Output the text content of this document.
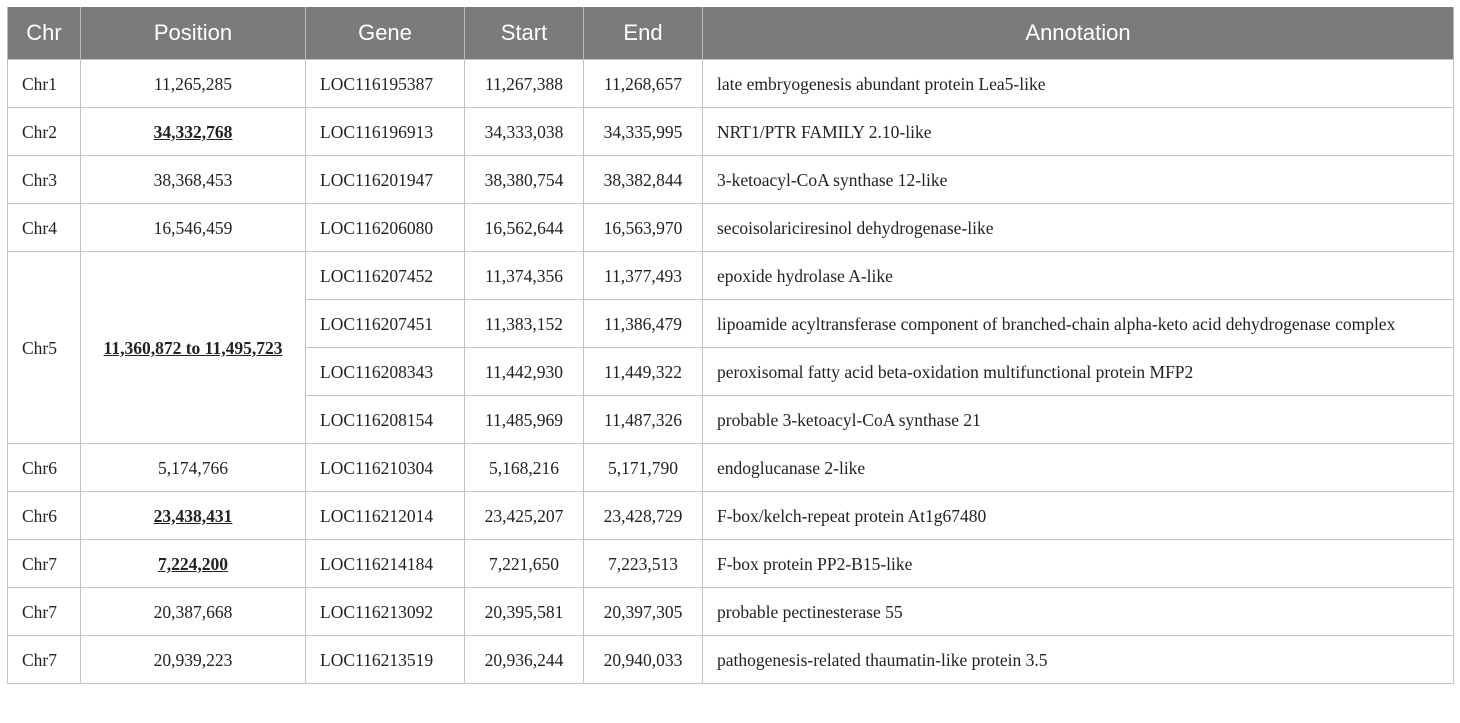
Chr	Position	Gene	Start	End	Annotation
Chr1	11,265,285	LOC116195387	11,267,388	11,268,657	late embryogenesis abundant protein Lea5-like
Chr2	34,332,768	LOC116196913	34,333,038	34,335,995	NRT1/PTR FAMILY 2.10-like
Chr3	38,368,453	LOC116201947	38,380,754	38,382,844	3-ketoacyl-CoA synthase 12-like
Chr4	16,546,459	LOC116206080	16,562,644	16,563,970	secoisolariciresinol dehydrogenase-like
Chr5	11,360,872 to 11,495,723	LOC116207452	11,374,356	11,377,493	epoxide hydrolase A-like
		LOC116207451	11,383,152	11,386,479	lipoamide acyltransferase component of branched-chain alpha-keto acid dehydrogenase complex
		LOC116208343	11,442,930	11,449,322	peroxisomal fatty acid beta-oxidation multifunctional protein MFP2
		LOC116208154	11,485,969	11,487,326	probable 3-ketoacyl-CoA synthase 21
Chr6	5,174,766	LOC116210304	5,168,216	5,171,790	endoglucanase 2-like
Chr6	23,438,431	LOC116212014	23,425,207	23,428,729	F-box/kelch-repeat protein At1g67480
Chr7	7,224,200	LOC116214184	7,221,650	7,223,513	F-box protein PP2-B15-like
Chr7	20,387,668	LOC116213092	20,395,581	20,397,305	probable pectinesterase 55
Chr7	20,939,223	LOC116213519	20,936,244	20,940,033	pathogenesis-related thaumatin-like protein 3.5
